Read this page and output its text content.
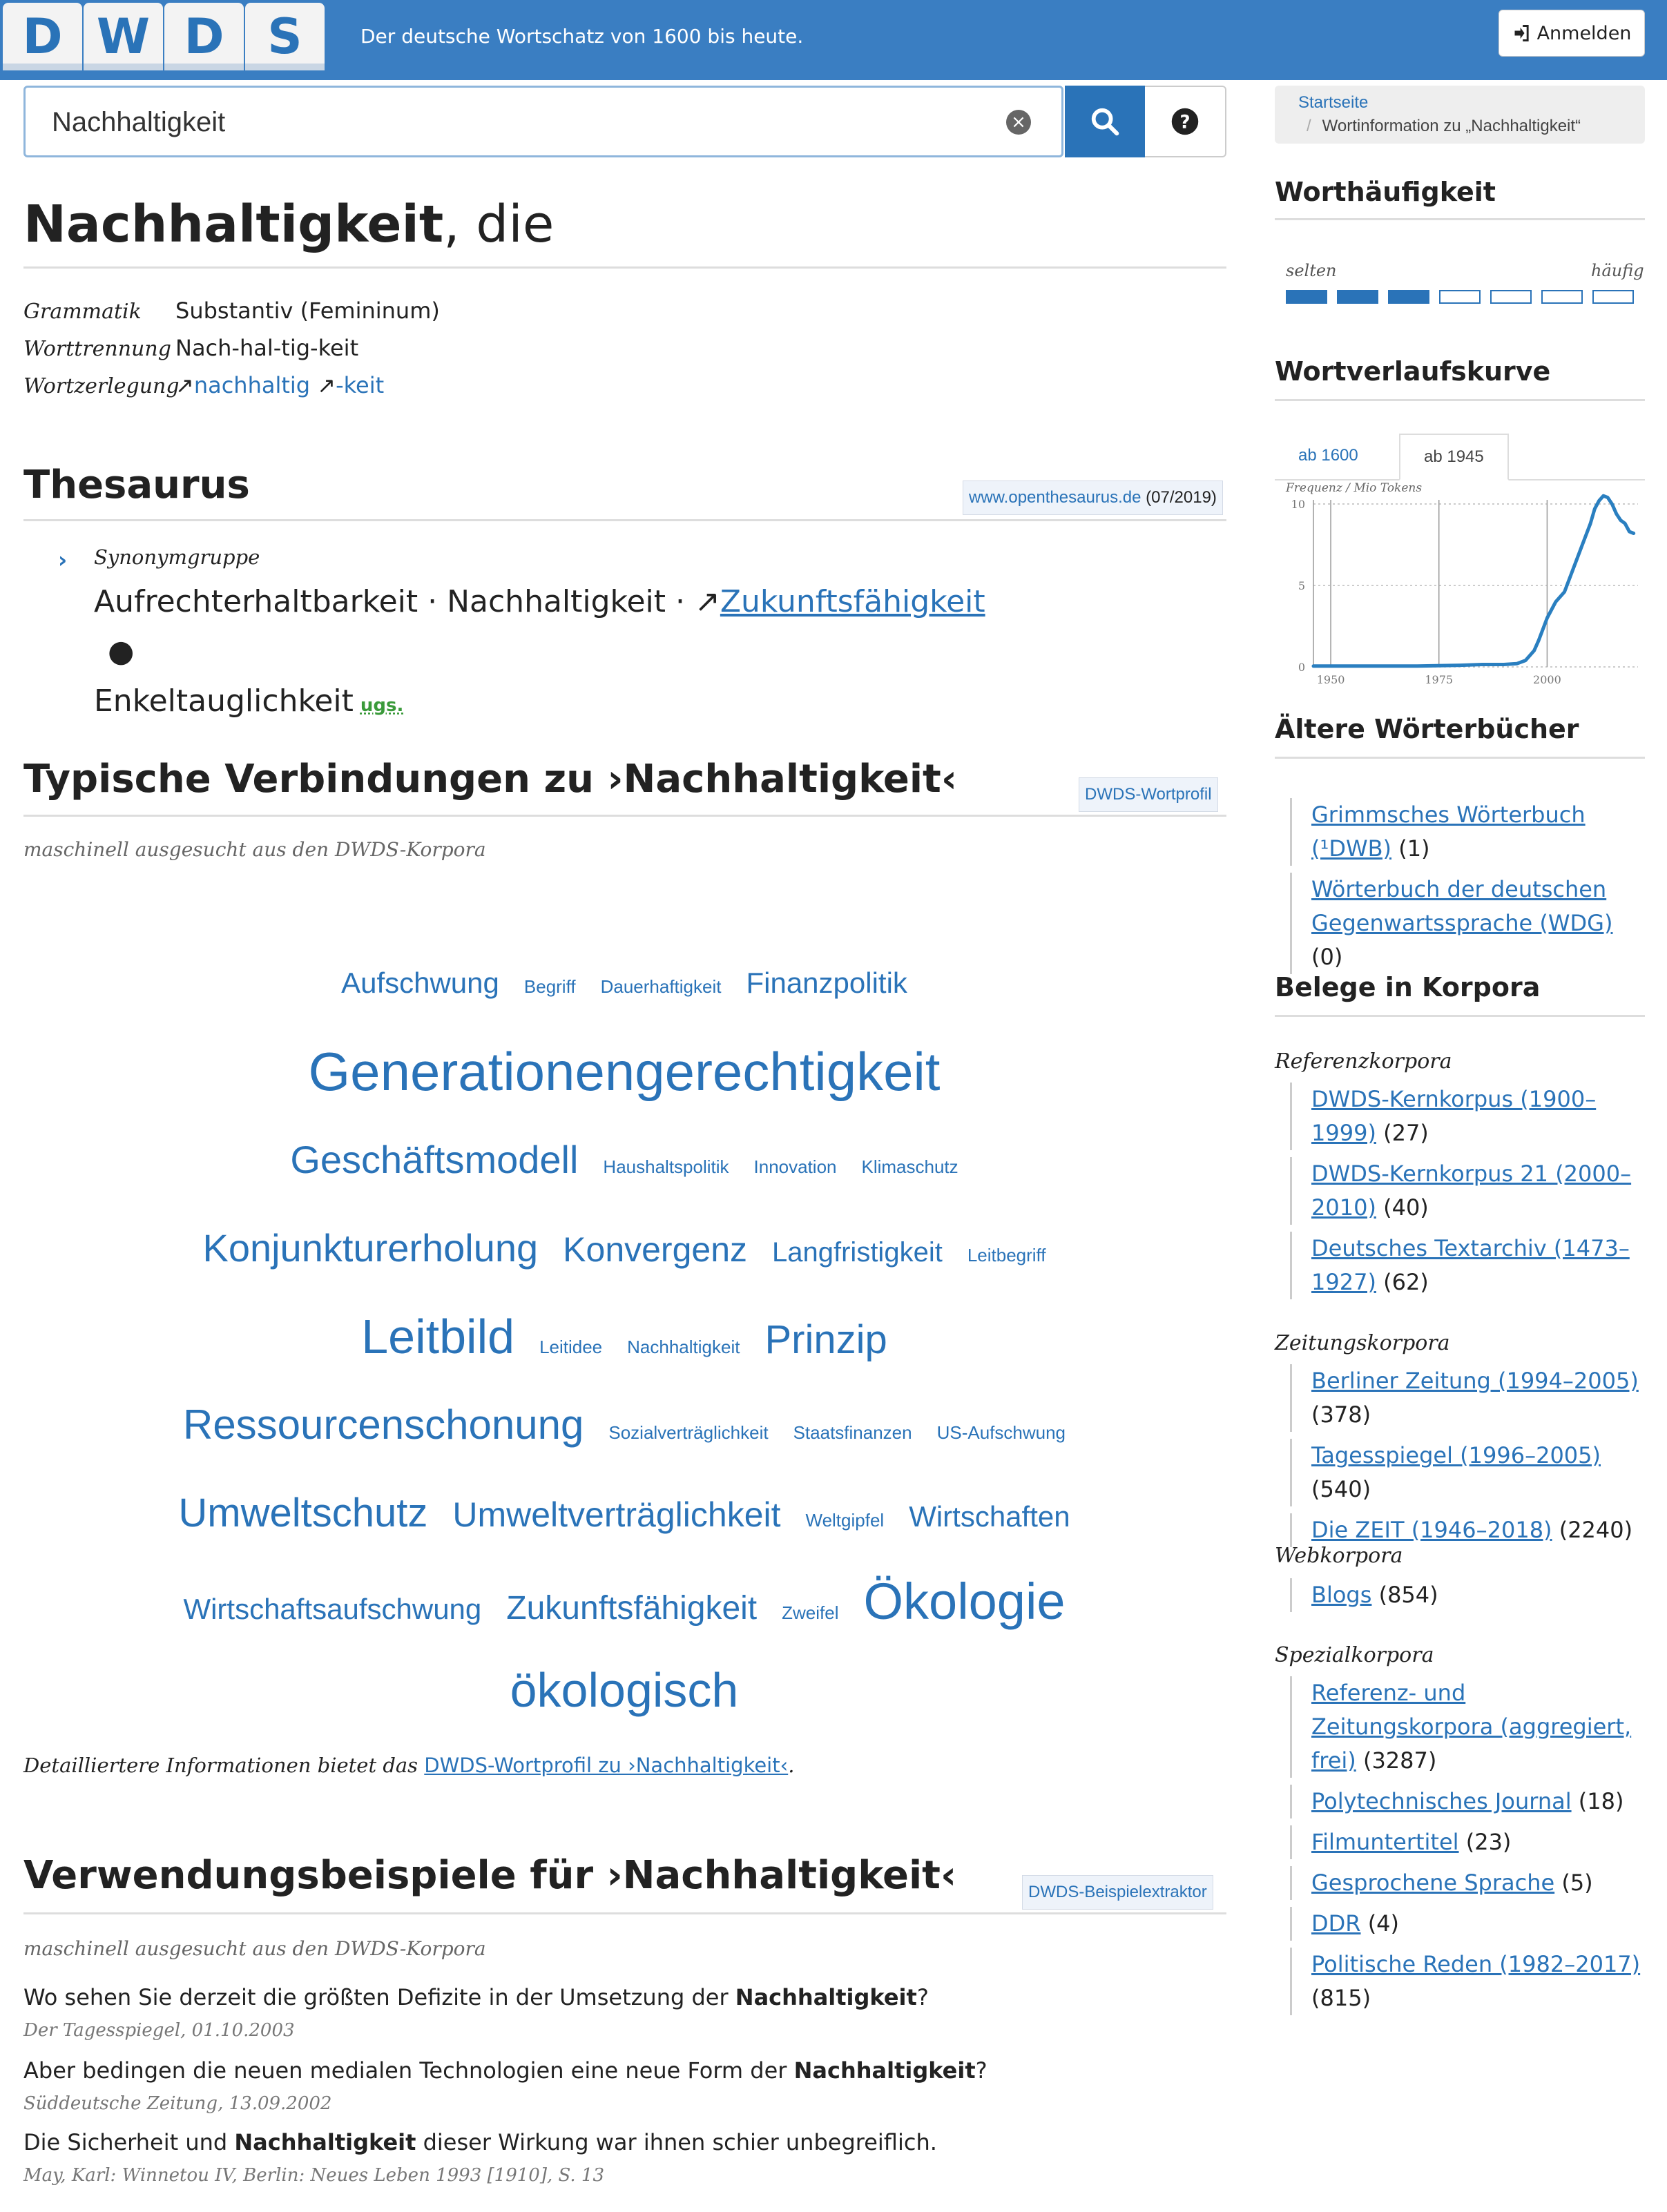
D W D S	Der deutsche Wortschatz von 1600 bis heute.	Anmelden
Nachhaltigkeit
×	?
Startseite
/ Wortinformation zu „Nachhaltigkeit“
Nachhaltigkeit, die
Grammatik Substantiv (Femininum)
Worttrennung Nach-hal-tig-keit
Wortzerlegung↗nachhaltig ↗-keit
Thesaurus	www.openthesaurus.de (07/2019)
› Synonymgruppe
Aufrechterhaltbarkeit · Nachhaltigkeit · ↗Zukunftsfähigkeit ●
Enkeltauglichkeit ugs.
Typische Verbindungen zu ›Nachhaltigkeit‹	DWDS-Wortprofil
maschinell ausgesucht aus den DWDS-Korpora
Aufschwung Begriff Dauerhaftigkeit Finanzpolitik
Generationengerechtigkeit
Geschäftsmodell Haushaltspolitik Innovation Klimaschutz
Konjunkturerholung Konvergenz Langfristigkeit Leitbegriff
Leitbild Leitidee Nachhaltigkeit Prinzip
Ressourcenschonung Sozialverträglichkeit Staatsfinanzen US-Aufschwung
Umweltschutz Umweltverträglichkeit Weltgipfel Wirtschaften
Wirtschaftsaufschwung Zukunftsfähigkeit Zweifel Ökologie
ökologisch
Detailliertere Informationen bietet das DWDS-Wortprofil zu ›Nachhaltigkeit‹.
Verwendungsbeispiele für ›Nachhaltigkeit‹	DWDS-Beispielextraktor
maschinell ausgesucht aus den DWDS-Korpora
Wo sehen Sie derzeit die größten Defizite in der Umsetzung der Nachhaltigkeit?
Der Tagesspiegel, 01.10.2003
Aber bedingen die neuen medialen Technologien eine neue Form der Nachhaltigkeit?
Süddeutsche Zeitung, 13.09.2002
Die Sicherheit und Nachhaltigkeit dieser Wirkung war ihnen schier unbegreiflich.
May, Karl: Winnetou IV, Berlin: Neues Leben 1993 [1910], S. 13
Worthäufigkeit
selten	häufig
Wortverlaufskurve
ab 1600	ab 1945
Frequenz / Mio Tokens
0
5
10
1950	1975	2000
Ältere Wörterbücher
Grimmsches Wörterbuch (¹DWB) (1)
Wörterbuch der deutschen Gegenwartssprache (WDG) (0)
Belege in Korpora
Referenzkorpora
DWDS-Kernkorpus (1900–1999) (27)
DWDS-Kernkorpus 21 (2000–2010) (40)
Deutsches Textarchiv (1473–1927) (62)
Zeitungskorpora
Berliner Zeitung (1994–2005) (378)
Tagesspiegel (1996–2005) (540)
Die ZEIT (1946–2018) (2240)
Webkorpora
Blogs (854)
Spezialkorpora
Referenz- und Zeitungskorpora (aggregiert, frei) (3287)
Polytechnisches Journal (18)
Filmuntertitel (23)
Gesprochene Sprache (5)
DDR (4)
Politische Reden (1982–2017) (815)
